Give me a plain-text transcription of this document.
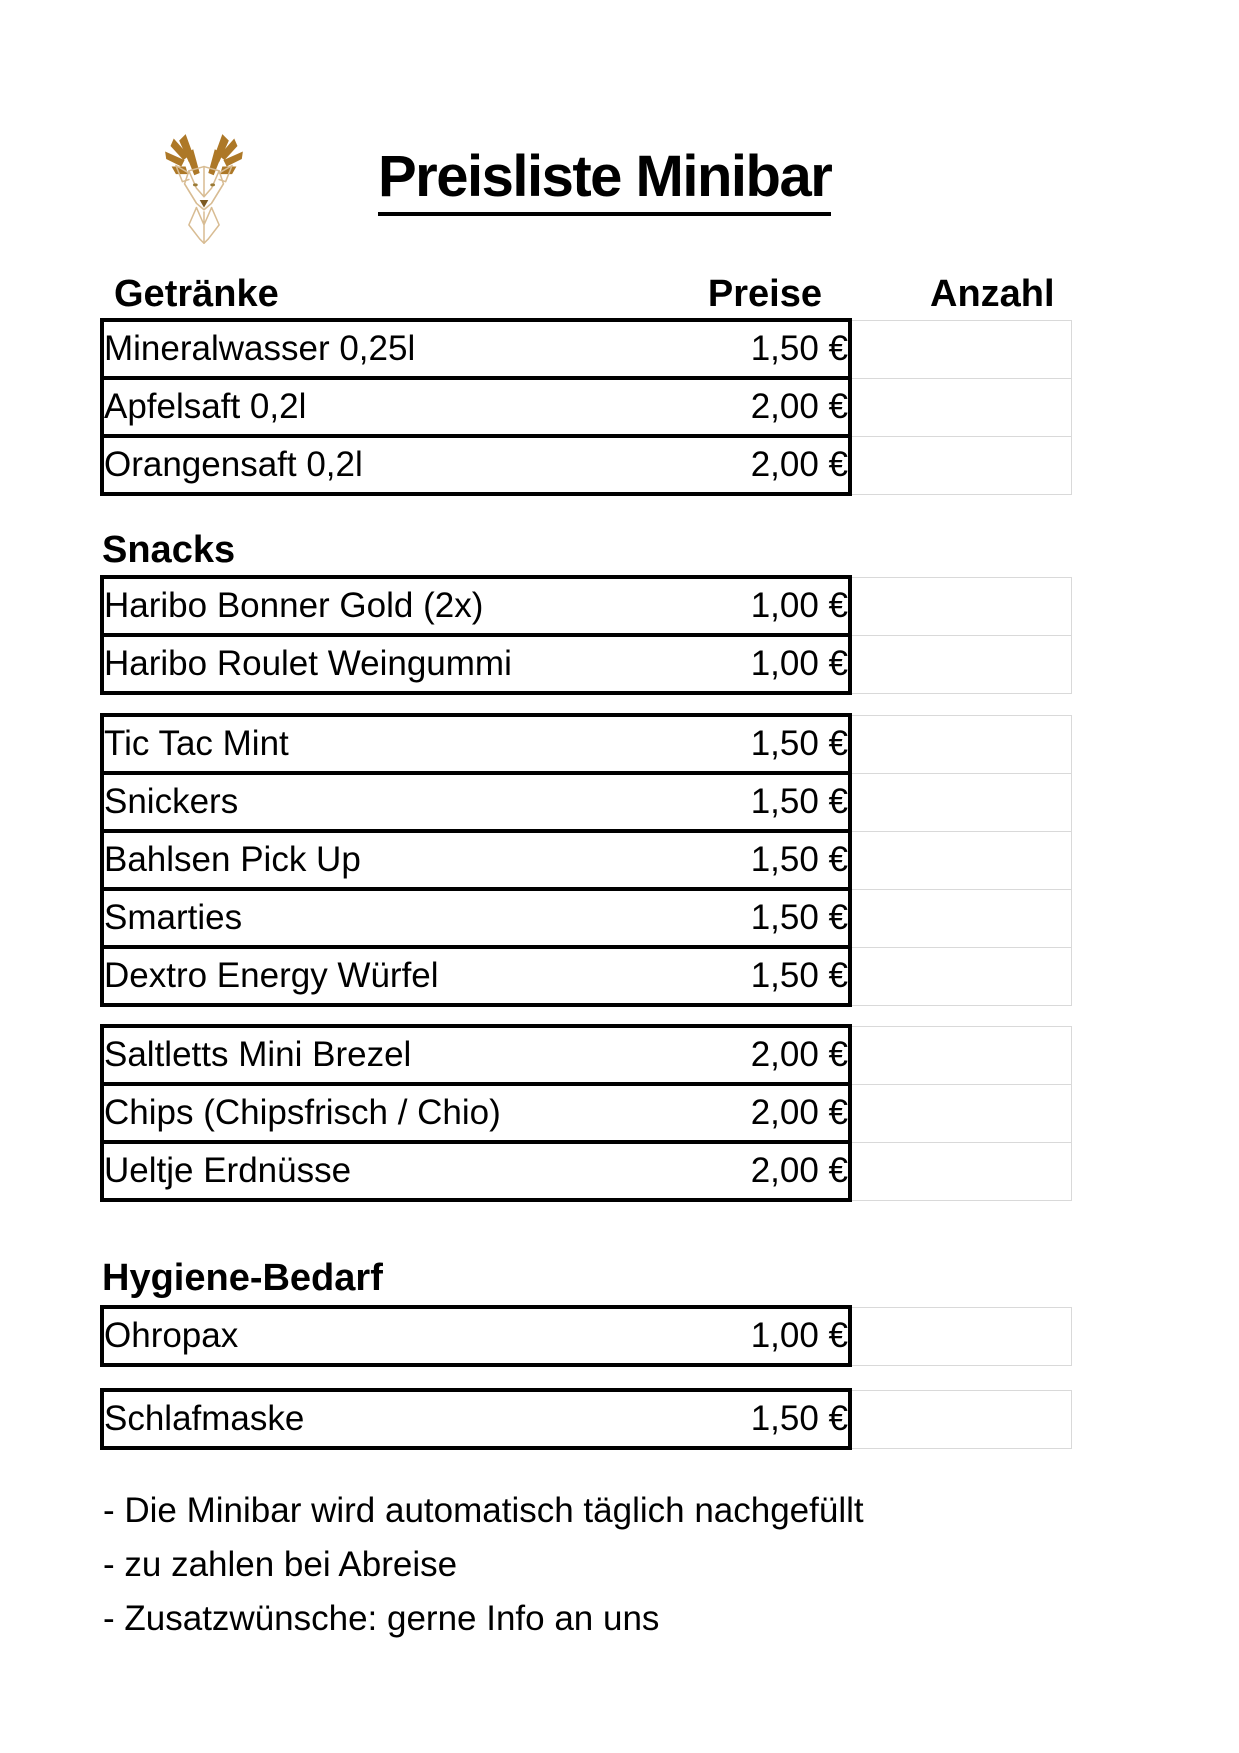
Preisliste Minibar
Getränke	Preise	Anzahl
Mineralwasser 0,25l	1,50 €	
Apfelsaft 0,2l	2,00 €	
Orangensaft 0,2l	2,00 €	
Snacks
Haribo Bonner Gold (2x)	1,00 €	
Haribo Roulet Weingummi	1,00 €	
Tic Tac Mint	1,50 €	
Snickers	1,50 €	
Bahlsen Pick Up	1,50 €	
Smarties	1,50 €	
Dextro Energy Würfel	1,50 €	
Saltletts Mini Brezel	2,00 €	
Chips (Chipsfrisch / Chio)	2,00 €	
Ueltje Erdnüsse	2,00 €	
Hygiene-Bedarf
Ohropax	1,00 €	
Schlafmaske	1,50 €	

- Die Minibar wird automatisch täglich nachgefüllt

- zu zahlen bei Abreise

- Zusatzwünsche: gerne Info an uns
